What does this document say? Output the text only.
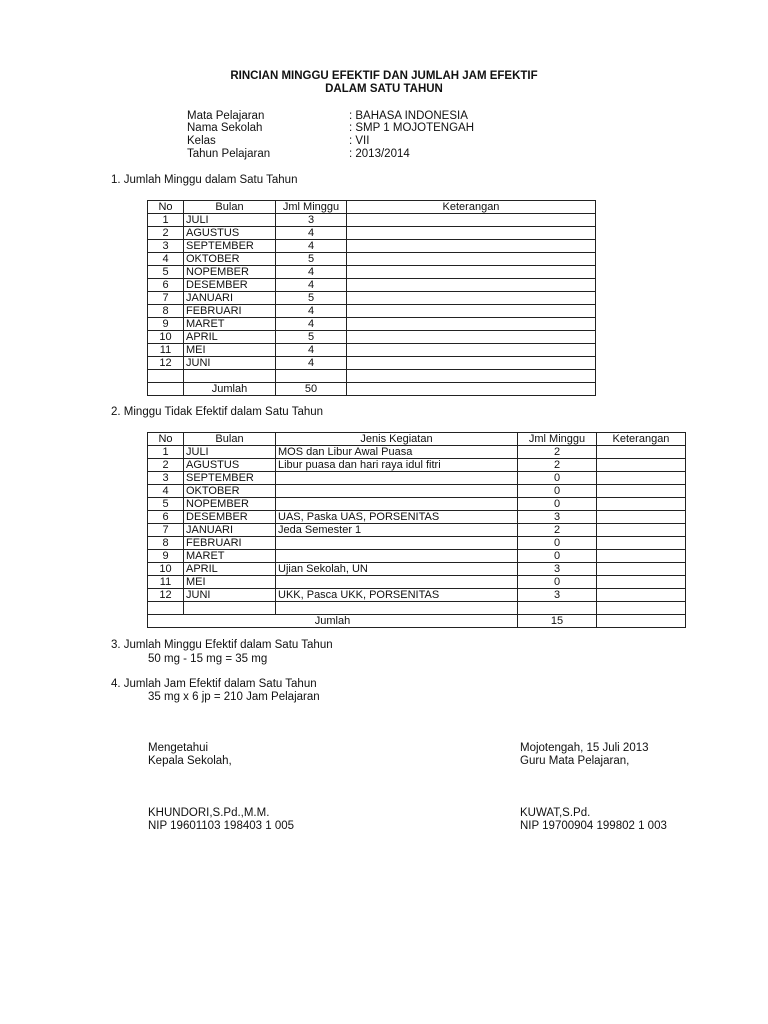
RINCIAN MINGGU EFEKTIF DAN JUMLAH JAM EFEKTIF
DALAM SATU TAHUN
Mata Pelajaran	: BAHASA INDONESIA
Nama Sekolah	: SMP 1 MOJOTENGAH
Kelas	: VII
Tahun Pelajaran	: 2013/2014
1. Jumlah Minggu dalam Satu Tahun
No	Bulan	Jml Minggu	Keterangan
1	JULI	3	
2	AGUSTUS	4	
3	SEPTEMBER	4	
4	OKTOBER	5	
5	NOPEMBER	4	
6	DESEMBER	4	
7	JANUARI	5	
8	FEBRUARI	4	
9	MARET	4	
10	APRIL	5	
11	MEI	4	
12	JUNI	4	

	Jumlah	50	
2. Minggu Tidak Efektif dalam Satu Tahun
No	Bulan	Jenis Kegiatan	Jml Minggu	Keterangan
1	JULI	MOS dan Libur Awal Puasa	2	
2	AGUSTUS	Libur puasa dan hari raya idul fitri	2	
3	SEPTEMBER		0	
4	OKTOBER		0	
5	NOPEMBER		0	
6	DESEMBER	UAS, Paska UAS, PORSENITAS	3	
7	JANUARI	Jeda Semester 1	2	
8	FEBRUARI		0	
9	MARET		0	
10	APRIL	Ujian Sekolah, UN	3	
11	MEI		0	
12	JUNI	UKK, Pasca UKK, PORSENITAS	3	

Jumlah			15	
3. Jumlah Minggu Efektif dalam Satu Tahun
50 mg - 15 mg = 35 mg
4. Jumlah Jam Efektif dalam Satu Tahun
35 mg x 6 jp = 210 Jam Pelajaran
Mengetahui
Kepala Sekolah,
KHUNDORI,S.Pd.,M.M.
NIP 19601103 198403 1 005
Mojotengah, 15 Juli 2013
Guru Mata Pelajaran,
KUWAT,S.Pd.
NIP 19700904 199802 1 003
